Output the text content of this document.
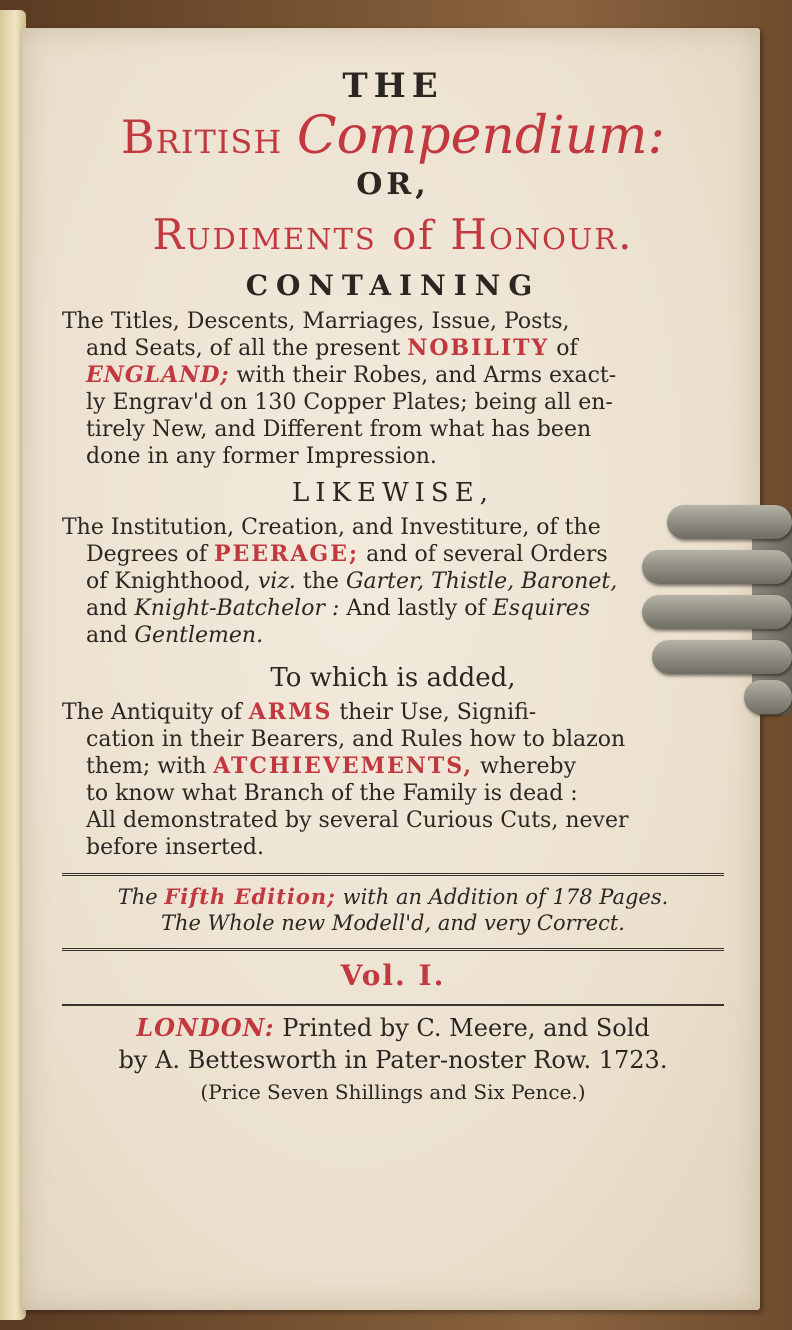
THE
British Compendium:
OR,
Rudiments of Honour.
CONTAINING
The Titles, Descents, Marriages, Issue, Posts,
and Seats, of all the present NOBILITY of
ENGLAND; with their Robes, and Arms exact-
ly Engrav'd on 130 Copper Plates; being all en-
tirely New, and Different from what has been
done in any former Impression.
LIKEWISE,
The Institution, Creation, and Investiture, of the
Degrees of PEERAGE; and of several Orders
of Knighthood, viz. the Garter, Thistle, Baronet,
and Knight-Batchelor : And lastly of Esquires
and Gentlemen.
To which is added,
The Antiquity of ARMS their Use, Signifi-
cation in their Bearers, and Rules how to blazon
them; with ATCHIEVEMENTS, whereby
to know what Branch of the Family is dead :
All demonstrated by several Curious Cuts, never
before inserted.
The Fifth Edition; with an Addition of 178 Pages.
The Whole new Modell'd, and very Correct.
Vol. I.
LONDON: Printed by C. Meere, and Sold
by A. Bettesworth in Pater-noster Row. 1723.
(Price Seven Shillings and Six Pence.)
